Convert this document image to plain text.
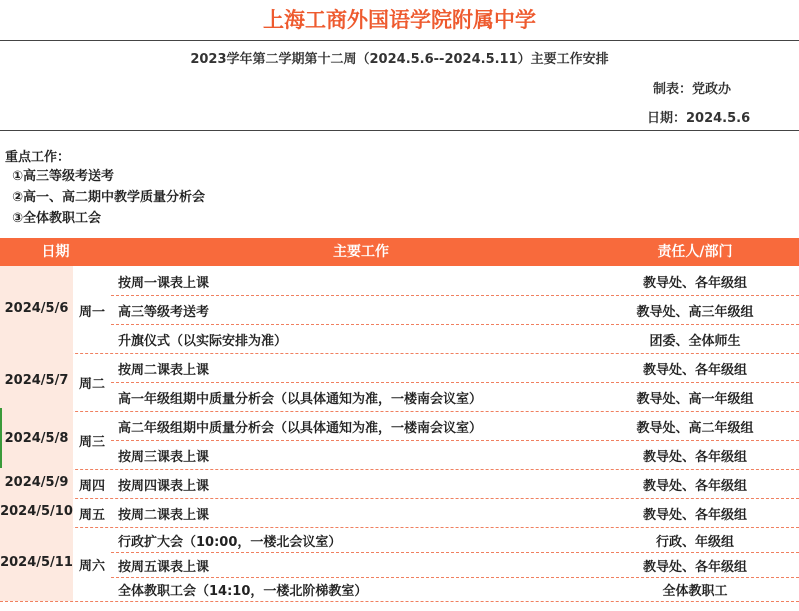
上海工商外国语学院附属中学
2023学年第二学期第十二周（2024.5.6--2024.5.11）主要工作安排
制表：党政办
日期：2024.5.6
重点工作：
①高三等级考送考
②高一、高二期中教学质量分析会
③全体教职工会
日期	主要工作	责任人/部门
2024/5/6 周一
按周一课表上课	教导处、各年级组
高三等级考送考	教导处、高三年级组
升旗仪式（以实际安排为准）	团委、全体师生
2024/5/7 周二
按周二课表上课	教导处、各年级组
高一年级组期中质量分析会（以具体通知为准，一楼南会议室）	教导处、高一年级组
2024/5/8 周三
高二年级组期中质量分析会（以具体通知为准，一楼南会议室）	教导处、高二年级组
按周三课表上课	教导处、各年级组
2024/5/9 周四 按周四课表上课	教导处、各年级组
2024/5/10 周五 按周二课表上课	教导处、各年级组
2024/5/11 周六
行政扩大会（10:00，一楼北会议室）	行政、年级组
按周五课表上课	教导处、各年级组
全体教职工会（14:10，一楼北阶梯教室）	全体教职工
